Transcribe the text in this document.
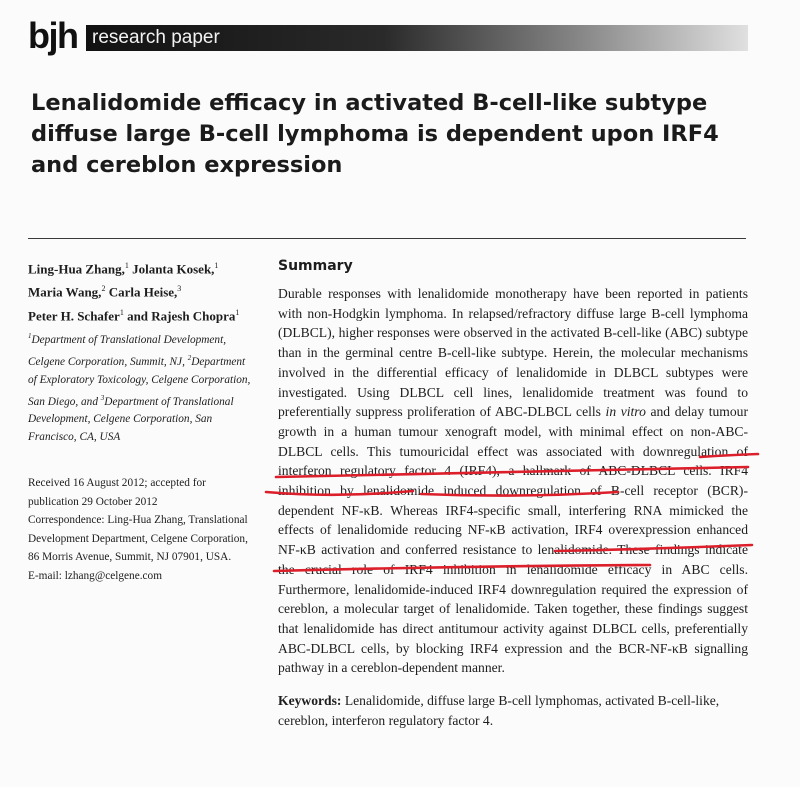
bjh research paper
Lenalidomide efficacy in activated B-cell-like subtype diffuse large B-cell lymphoma is dependent upon IRF4 and cereblon expression
Ling-Hua Zhang,$^1$ Jolanta Kosek,$^1$
Maria Wang,$^2$ Carla Heise,$^3$
Peter H. Schafer$^1$ and Rajesh Chopra$^1$
$^1$Department of Translational Development, Celgene Corporation, Summit, NJ, $^2$Department of Exploratory Toxicology, Celgene Corporation, San Diego, and $^3$Department of Translational Development, Celgene Corporation, San Francisco, CA, USA
Received 16 August 2012; accepted for publication 29 October 2012
Correspondence: Ling-Hua Zhang, Translational Development Department, Celgene Corporation, 86 Morris Avenue, Summit, NJ 07901, USA.
E-mail: lzhang@celgene.com
Summary

Durable responses with lenalidomide monotherapy have been reported in patients with non-Hodgkin lymphoma. In relapsed/refractory diffuse large B-cell lymphoma (DLBCL), higher responses were observed in the activated B-cell-like (ABC) subtype than in the germinal centre B-cell-like subtype. Herein, the molecular mechanisms involved in the differential efficacy of lenalidomide in DLBCL subtypes were investigated. Using DLBCL cell lines, lenalidomide treatment was found to preferentially suppress proliferation of ABC-DLBCL cells in vitro and delay tumour growth in a human tumour xenograft model, with minimal effect on non-ABC-DLBCL cells. This tumouricidal effect was associated with downregulation of interferon regulatory factor 4 (IRF4), a hallmark of ABC-DLBCL cells. IRF4 inhibition by lenalidomide induced downregulation of B-cell receptor (BCR)-dependent NF-κB. Whereas IRF4-specific small, interfering RNA mimicked the effects of lenalidomide reducing NF-κB activation, IRF4 overexpression enhanced NF-κB activation and conferred resistance to lenalidomide. These findings indicate the crucial role of IRF4 inhibition in lenalidomide efficacy in ABC cells. Furthermore, lenalidomide-induced IRF4 downregulation required the expression of cereblon, a molecular target of lenalidomide. Taken together, these findings suggest that lenalidomide has direct antitumour activity against DLBCL cells, preferentially ABC-DLBCL cells, by blocking IRF4 expression and the BCR-NF-κB signalling pathway in a cereblon-dependent manner.

Keywords: Lenalidomide, diffuse large B-cell lymphomas, activated B-cell-like, cereblon, interferon regulatory factor 4.
